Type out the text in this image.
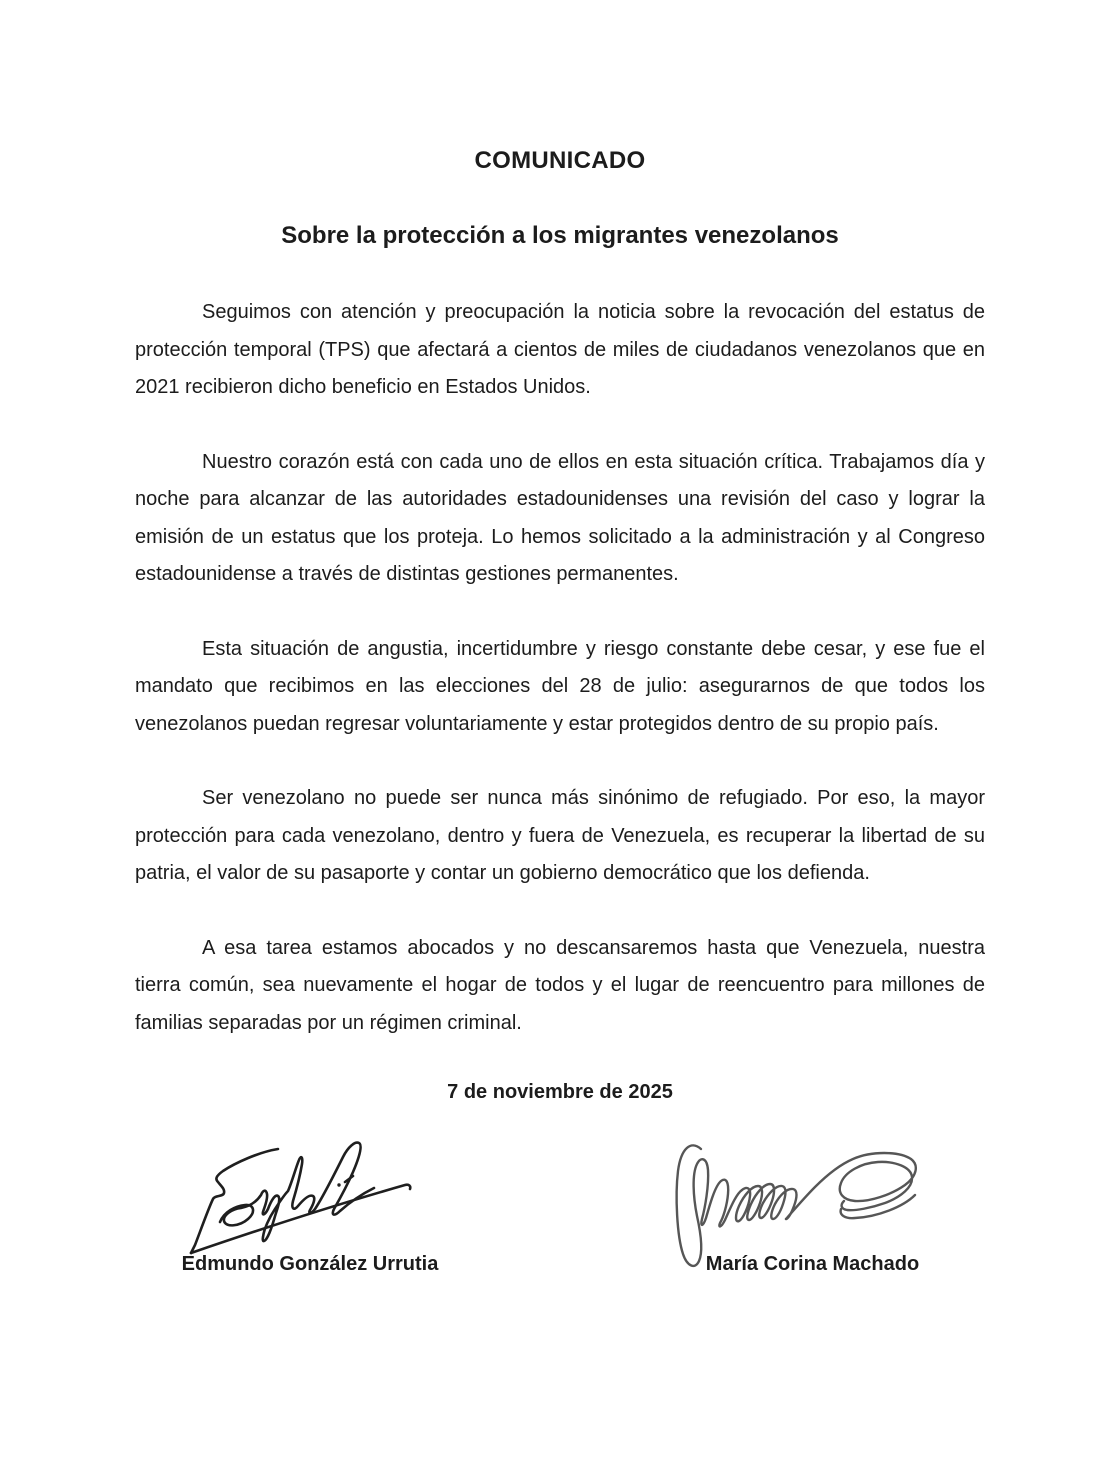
COMUNICADO
Sobre la protección a los migrantes venezolanos

Seguimos con atención y preocupación la noticia sobre la revocación del estatus de protección temporal (TPS) que afectará a cientos de miles de ciudadanos venezolanos que en 2021 recibieron dicho beneficio en Estados Unidos.

Nuestro corazón está con cada uno de ellos en esta situación crítica. Trabajamos día y noche para alcanzar de las autoridades estadounidenses una revisión del caso y lograr la emisión de un estatus que los proteja. Lo hemos solicitado a la administración y al Congreso estadounidense a través de distintas gestiones permanentes.

Esta situación de angustia, incertidumbre y riesgo constante debe cesar, y ese fue el mandato que recibimos en las elecciones del 28 de julio: asegurarnos de que todos los venezolanos puedan regresar voluntariamente y estar protegidos dentro de su propio país.

Ser venezolano no puede ser nunca más sinónimo de refugiado. Por eso, la mayor protección para cada venezolano, dentro y fuera de Venezuela, es recuperar la libertad de su patria, el valor de su pasaporte y contar un gobierno democrático que los defienda.

A esa tarea estamos abocados y no descansaremos hasta que Venezuela, nuestra tierra común, sea nuevamente el hogar de todos y el lugar de reencuentro para millones de familias separadas por un régimen criminal.

7 de noviembre de 2025
Edmundo González Urrutia	María Corina Machado
